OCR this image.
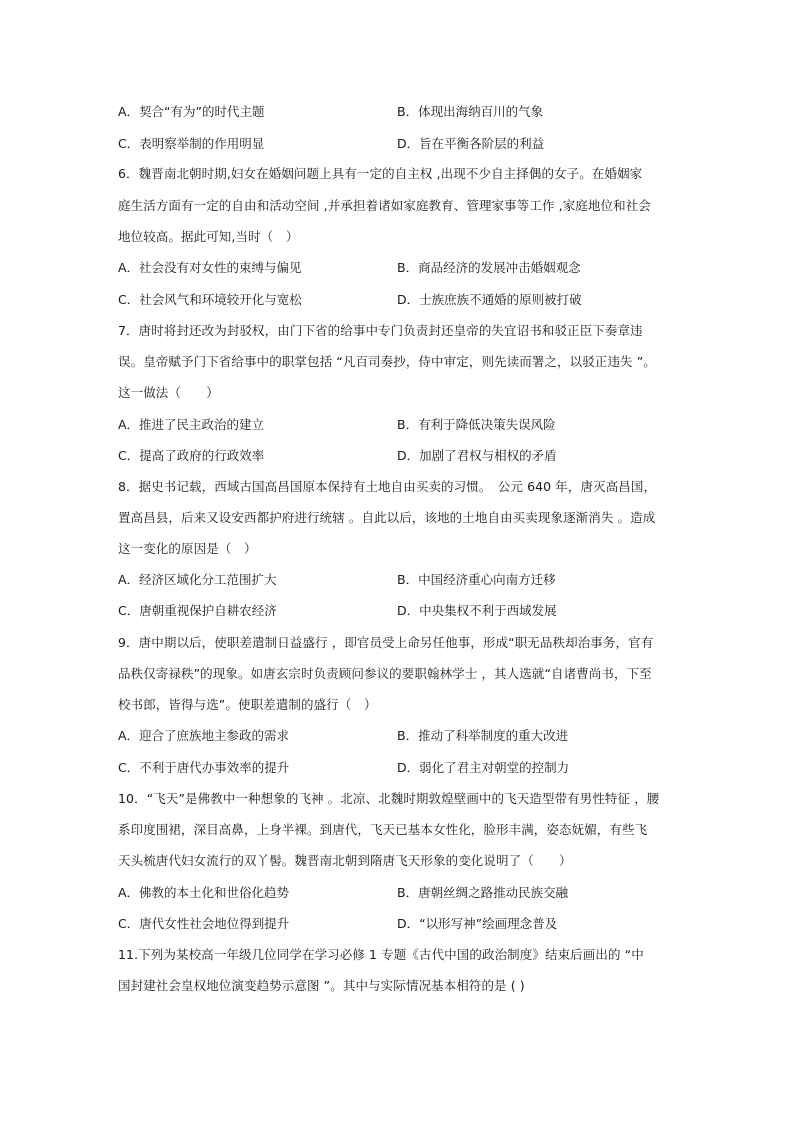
A．契合“有为”的时代主题	B．体现出海纳百川的气象
C．表明察举制的作用明显	D．旨在平衡各阶层的利益
6．魏晋南北朝时期,妇女在婚姻问题上具有一定的自主权 ,出现不少自主择偶的女子。在婚姻家
庭生活方面有一定的自由和活动空间 ,并承担着诸如家庭教育、管理家事等工作 ,家庭地位和社会
地位较高。据此可知,当时（　）
A．社会没有对女性的束缚与偏见	B．商品经济的发展冲击婚姻观念
C．社会风气和环境较开化与宽松	D．士族庶族不通婚的原则被打破
7．唐时将封还改为封驳权，由门下省的给事中专门负责封还皇帝的失宜诏书和驳正臣下奏章违
误。皇帝赋予门下省给事中的职掌包括 “凡百司奏抄，侍中审定，则先读而署之，以驳正违失 ”。
这一做法（　　）
A．推进了民主政治的建立	B．有利于降低决策失误风险
C．提高了政府的行政效率	D．加剧了君权与相权的矛盾
8．据史书记载，西域古国高昌国原本保持有土地自由买卖的习惯。　公元 640 年，唐灭高昌国，
置高昌县，后来又设安西都护府进行统辖 。自此以后，该地的土地自由买卖现象逐渐消失 。造成
这一变化的原因是（　）
A．经济区域化分工范围扩大	B．中国经济重心向南方迁移
C．唐朝重视保护自耕农经济	D．中央集权不利于西域发展
9．唐中期以后，使职差遣制日益盛行 ，即官员受上命另任他事，形成“职无品秩却治事务，官有
品秩仅寄禄秩”的现象。如唐玄宗时负责顾问参议的要职翰林学士 ，其人选就“自诸曹尚书，下至
校书郎，皆得与选”。使职差遣制的盛行（　）
A．迎合了庶族地主参政的需求	B．推动了科举制度的重大改进
C．不利于唐代办事效率的提升	D．弱化了君主对朝堂的控制力
10．“飞天”是佛教中一种想象的飞神 。北凉、北魏时期敦煌壁画中的飞天造型带有男性特征 ，腰
系印度围裙，深目高鼻，上身半裸。到唐代，飞天已基本女性化，脸形丰满，姿态妩媚，有些飞
天头梳唐代妇女流行的双丫髻。魏晋南北朝到隋唐飞天形象的变化说明了（　　）
A．佛教的本土化和世俗化趋势	B．唐朝丝绸之路推动民族交融
C．唐代女性社会地位得到提升	D．“以形写神”绘画理念普及
11.下列为某校高一年级几位同学在学习必修 1 专题《古代中国的政治制度》结束后画出的 “中
国封建社会皇权地位演变趋势示意图 ”。其中与实际情况基本相符的是 ( )
